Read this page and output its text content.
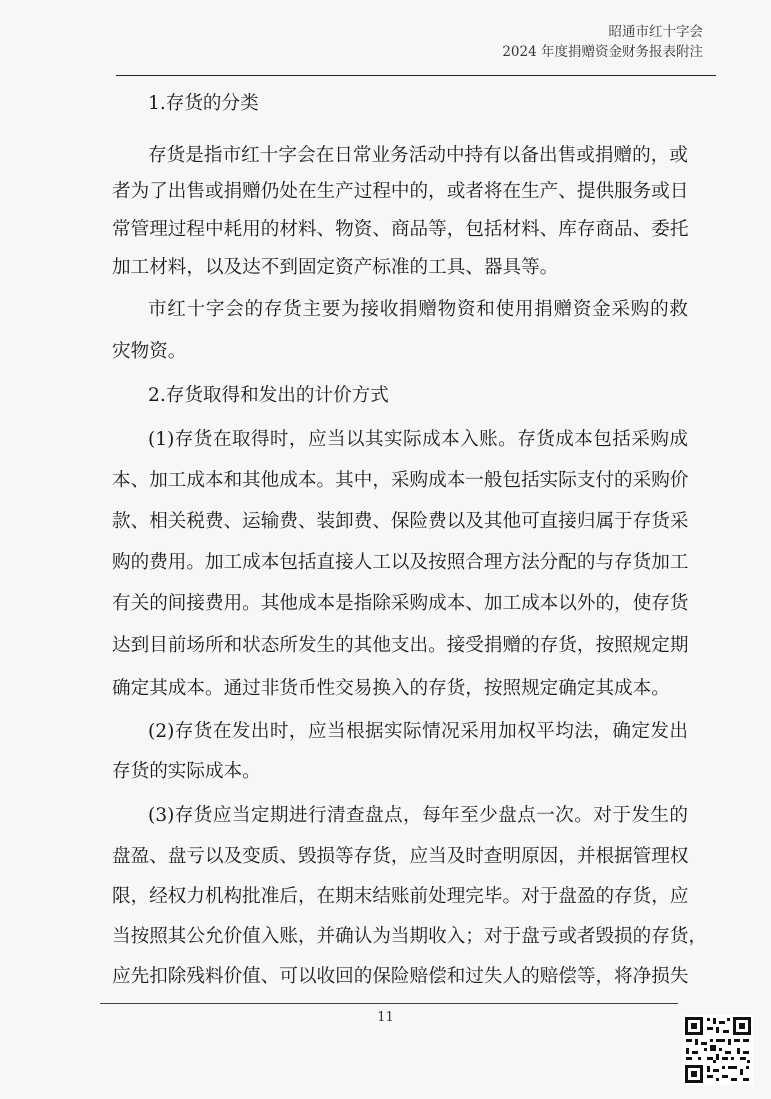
昭通市红十字会
2024 年度捐赠资金财务报表附注
1.存货的分类
存货是指市红十字会在日常业务活动中持有以备出售或捐赠的，或
者为了出售或捐赠仍处在生产过程中的，或者将在生产、提供服务或日
常管理过程中耗用的材料、物资、商品等，包括材料、库存商品、委托
加工材料，以及达不到固定资产标准的工具、器具等。
市红十字会的存货主要为接收捐赠物资和使用捐赠资金采购的救
灾物资。
2.存货取得和发出的计价方式
(1)存货在取得时，应当以其实际成本入账。存货成本包括采购成
本、加工成本和其他成本。其中，采购成本一般包括实际支付的采购价
款、相关税费、运输费、装卸费、保险费以及其他可直接归属于存货采
购的费用。加工成本包括直接人工以及按照合理方法分配的与存货加工
有关的间接费用。其他成本是指除采购成本、加工成本以外的，使存货
达到目前场所和状态所发生的其他支出。接受捐赠的存货，按照规定期
确定其成本。通过非货币性交易换入的存货，按照规定确定其成本。
(2)存货在发出时，应当根据实际情况采用加权平均法，确定发出
存货的实际成本。
(3)存货应当定期进行清查盘点，每年至少盘点一次。对于发生的
盘盈、盘亏以及变质、毁损等存货，应当及时查明原因，并根据管理权
限，经权力机构批准后，在期末结账前处理完毕。对于盘盈的存货，应
当按照其公允价值入账，并确认为当期收入；对于盘亏或者毁损的存货，
应先扣除残料价值、可以收回的保险赔偿和过失人的赔偿等，将净损失
11
